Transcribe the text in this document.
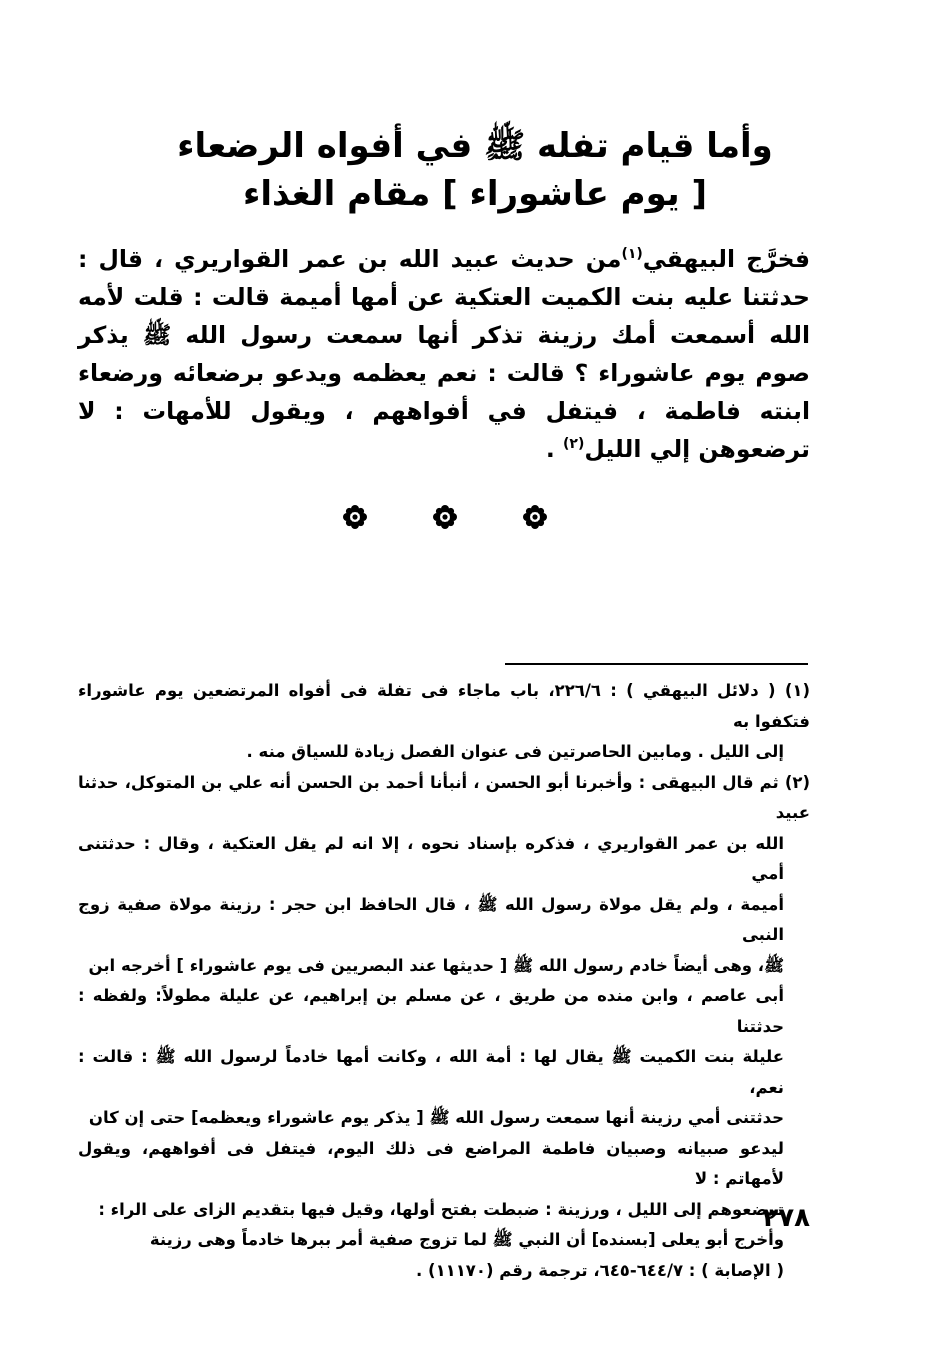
وأما قيام تفله ﷺ في أفواه الرضعاء
[ يوم عاشوراء ] مقام الغذاء
فخرَّج البيهقي$^{(١)}$من حديث عبيد الله بن عمر القواريري ، قال : حدثتنا عليه بنت الكميت العتكية عن أمها أميمة قالت : قلت لأمه الله أسمعت أمك رزينة تذكر أنها سمعت رسول الله ﷺ يذكر صوم يوم عاشوراء ؟ قالت : نعم يعظمه ويدعو برضعائه ورضعاء ابنته فاطمة ، فيتفل في أفواههم ، ويقول للأمهات : لا ترضعوهن إلي الليل$^{(٢)}$ .
(١) ( دلائل البيهقي ) : ٢٢٦/٦، باب ماجاء فى تفلة فى أفواه المرتضعين يوم عاشوراء فتكفوا به
إلى الليل . ومابين الحاصرتين فى عنوان الفصل زيادة للسياق منه .
(٢) ثم قال البيهقى : وأخبرنا أبو الحسن ، أنبأنا أحمد بن الحسن أنه علي بن المتوكل، حدثنا عبيد
الله بن عمر القواريري ، فذكره بإسناد نحوه ، إلا انه لم يقل العتكية ، وقال : حدثتنى أمي
أميمة ، ولم يقل مولاة رسول الله ﷺ ، قال الحافظ ابن حجر : رزينة مولاة صفية زوج النبى
ﷺ، وهى أيضاً خادم رسول الله ﷺ [ حديثها عند البصريين فى يوم عاشوراء ] أخرجه ابن
أبى عاصم ، وابن منده من طريق ، عن مسلم بن إبراهيم، عن عليلة مطولاً: ولفظه : حدثتنا
عليلة بنت الكميت ﷺ يقال لها : أمة الله ، وكانت أمها خادماً لرسول الله ﷺ : قالت : نعم،
حدثتنى أمي رزينة أنها سمعت رسول الله ﷺ [ يذكر يوم عاشوراء ويعظمه] حتى إن كان
ليدعو صبيانه وصبيان فاطمة المراضع فى ذلك اليوم، فيتفل فى أفواههم، ويقول لأمهاتم : لا
ترضعوهم إلى الليل ، ورزينة : ضبطت بفتح أولها، وقيل فيها بتقديم الزاى على الراء :
وأخرج أبو يعلى [بسنده] أن النبي ﷺ لما تزوج صفية أمر ببرها خادماً وهى رزينة
( الإصابة ) : ٦٤٤/٧-٦٤٥، ترجمة رقم (١١١٧٠) .
٣٧٨
